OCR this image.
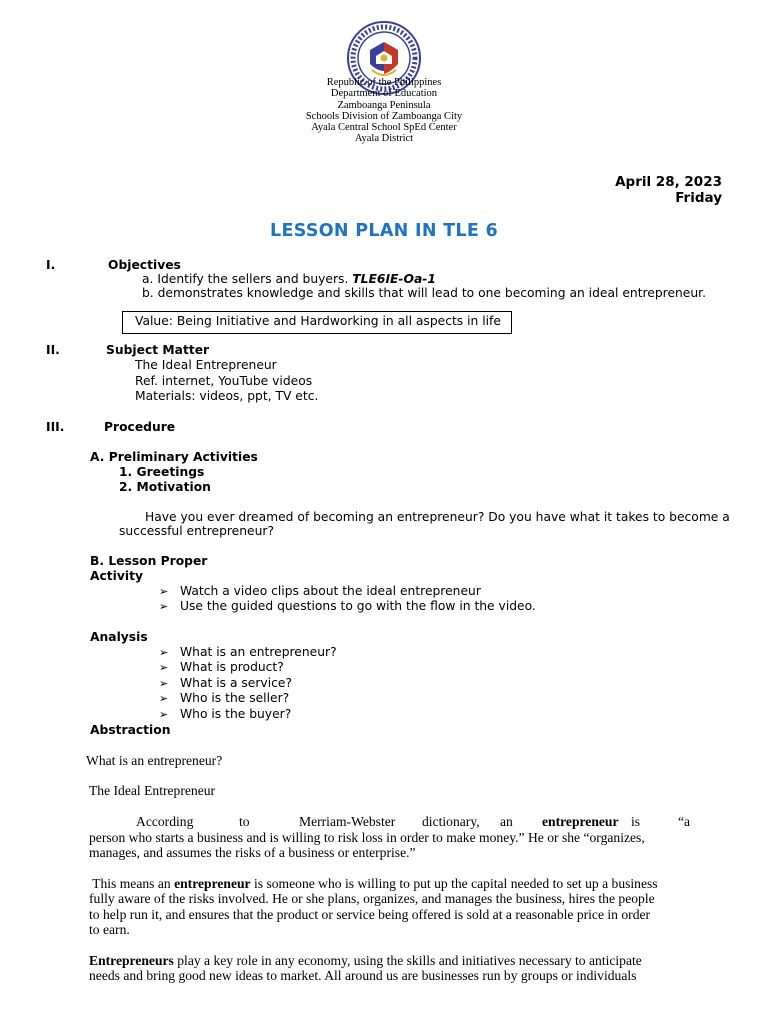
Republic of the Philippines
Department of Education
Zamboanga Peninsula
Schools Division of Zamboanga City
Ayala Central School SpEd Center
Ayala District
April 28, 2023
Friday
LESSON PLAN IN TLE 6
I.	Objectives
a. Identify the sellers and buyers. TLE6IE-Oa-1
b. demonstrates knowledge and skills that will lead to one becoming an ideal entrepreneur.
Value: Being Initiative and Hardworking in all aspects in life
II.	Subject Matter
The Ideal Entrepreneur
Ref. internet, YouTube videos
Materials: videos, ppt, TV etc.
III.	Procedure
A. Preliminary Activities
1. Greetings
2. Motivation
Have you ever dreamed of becoming an entrepreneur? Do you have what it takes to become a
successful entrepreneur?
B. Lesson Proper
Activity
➢ Watch a video clips about the ideal entrepreneur
➢ Use the guided questions to go with the flow in the video.
Analysis
➢ What is an entrepreneur?
➢ What is product?
➢ What is a service?
➢ Who is the seller?
➢ Who is the buyer?
Abstraction
What is an entrepreneur?
The Ideal Entrepreneur
According	to	Merriam-Webster dictionary, an entrepreneur is	“a
person who starts a business and is willing to risk loss in order to make money.” He or she “organizes,
manages, and assumes the risks of a business or enterprise.”
This means an entrepreneur is someone who is willing to put up the capital needed to set up a business
fully aware of the risks involved. He or she plans, organizes, and manages the business, hires the people
to help run it, and ensures that the product or service being offered is sold at a reasonable price in order
to earn.
Entrepreneurs play a key role in any economy, using the skills and initiatives necessary to anticipate
needs and bring good new ideas to market. All around us are businesses run by groups or individuals
